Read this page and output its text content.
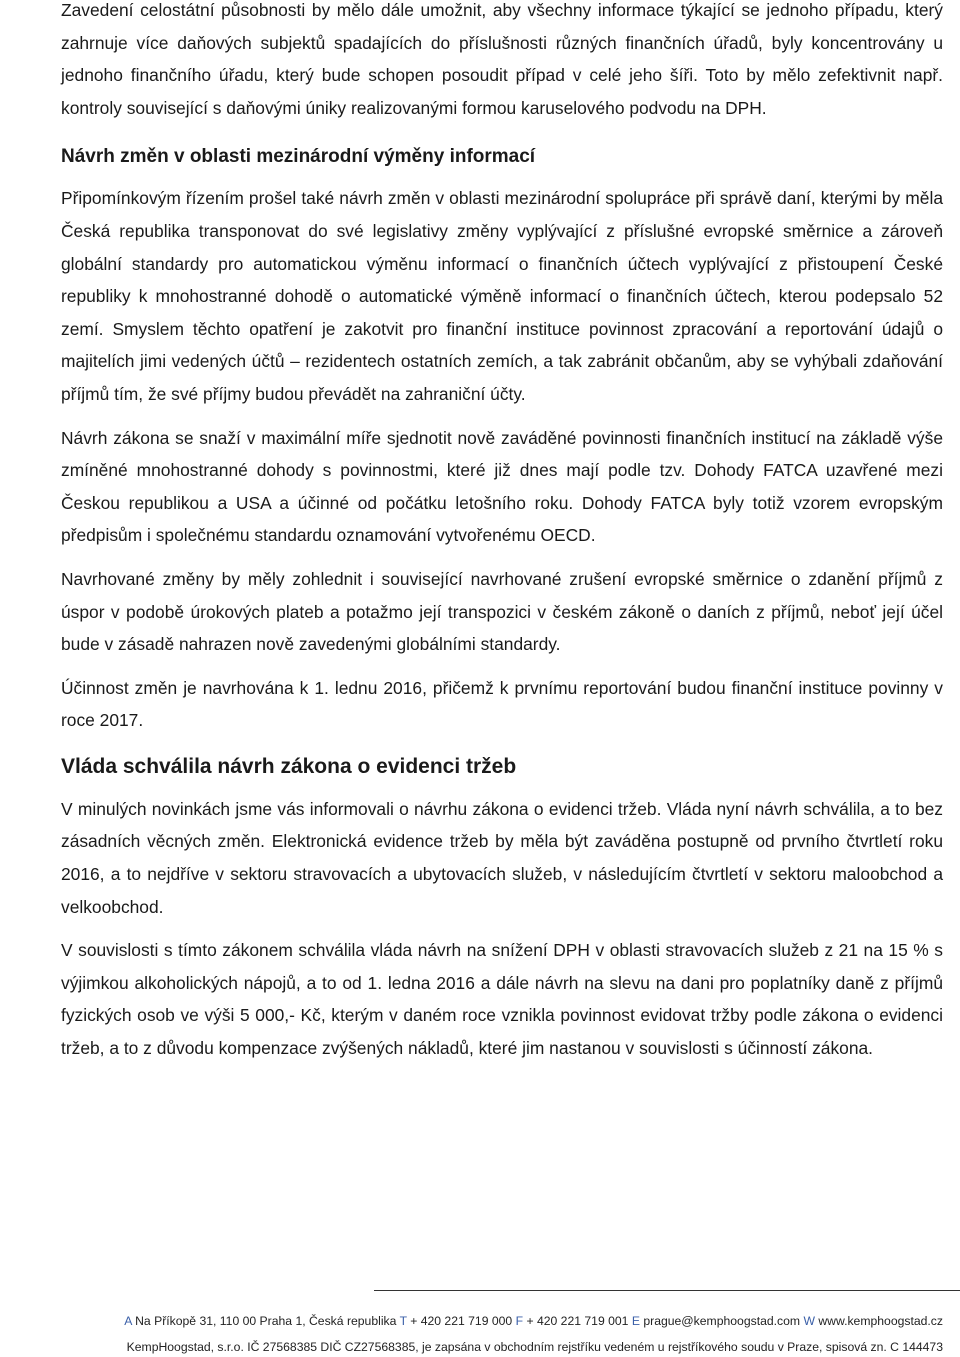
Zavedení celostátní působnosti by mělo dále umožnit, aby všechny informace týkající se jednoho případu, který zahrnuje více daňových subjektů spadajících do příslušnosti různých finančních úřadů, byly koncentrovány u jednoho finančního úřadu, který bude schopen posoudit případ v celé jeho šíři. Toto by mělo zefektivnit např. kontroly související s daňovými úniky realizovanými formou karuselového podvodu na DPH.

Návrh změn v oblasti mezinárodní výměny informací

Připomínkovým řízením prošel také návrh změn v oblasti mezinárodní spolupráce při správě daní, kterými by měla Česká republika transponovat do své legislativy změny vyplývající z příslušné evropské směrnice a zároveň globální standardy pro automatickou výměnu informací o finančních účtech vyplývající z přistoupení České republiky k mnohostranné dohodě o automatické výměně informací o finančních účtech, kterou podepsalo 52 zemí. Smyslem těchto opatření je zakotvit pro finanční instituce povinnost zpracování a reportování údajů o majitelích jimi vedených účtů – rezidentech ostatních zemích, a tak zabránit občanům, aby se vyhýbali zdaňování příjmů tím, že své příjmy budou převádět na zahraniční účty.

Návrh zákona se snaží v maximální míře sjednotit nově zaváděné povinnosti finančních institucí na základě výše zmíněné mnohostranné dohody s povinnostmi, které již dnes mají podle tzv. Dohody FATCA uzavřené mezi Českou republikou a USA a účinné od počátku letošního roku. Dohody FATCA byly totiž vzorem evropským předpisům i společnému standardu oznamování vytvořenému OECD.

Navrhované změny by měly zohlednit i související navrhované zrušení evropské směrnice o zdanění příjmů z úspor v podobě úrokových plateb a potažmo její transpozici v českém zákoně o daních z příjmů, neboť její účel bude v zásadě nahrazen nově zavedenými globálními standardy.

Účinnost změn je navrhována k 1. lednu 2016, přičemž k prvnímu reportování budou finanční instituce povinny v roce 2017.

Vláda schválila návrh zákona o evidenci tržeb

V minulých novinkách jsme vás informovali o návrhu zákona o evidenci tržeb. Vláda nyní návrh schválila, a to bez zásadních věcných změn. Elektronická evidence tržeb by měla být zaváděna postupně od prvního čtvrtletí roku 2016, a to nejdříve v sektoru stravovacích a ubytovacích služeb, v následujícím čtvrtletí v sektoru maloobchod a velkoobchod.

V souvislosti s tímto zákonem schválila vláda návrh na snížení DPH v oblasti stravovacích služeb z 21 na 15 % s výjimkou alkoholických nápojů, a to od 1. ledna 2016 a dále návrh na slevu na dani pro poplatníky daně z příjmů fyzických osob ve výši 5 000,- Kč, kterým v daném roce vznikla povinnost evidovat tržby podle zákona o evidenci tržeb, a to z důvodu kompenzace zvýšených nákladů, které jim nastanou v souvislosti s účinností zákona.

A Na Příkopě 31, 110 00 Praha 1, Česká republika T + 420 221 719 000 F + 420 221 719 001 E prague@kemphoogstad.com W www.kemphoogstad.cz
KempHoogstad, s.r.o. IČ 27568385 DIČ CZ27568385, je zapsána v obchodním rejstříku vedeném u rejstříkového soudu v Praze, spisová zn. C 144473
